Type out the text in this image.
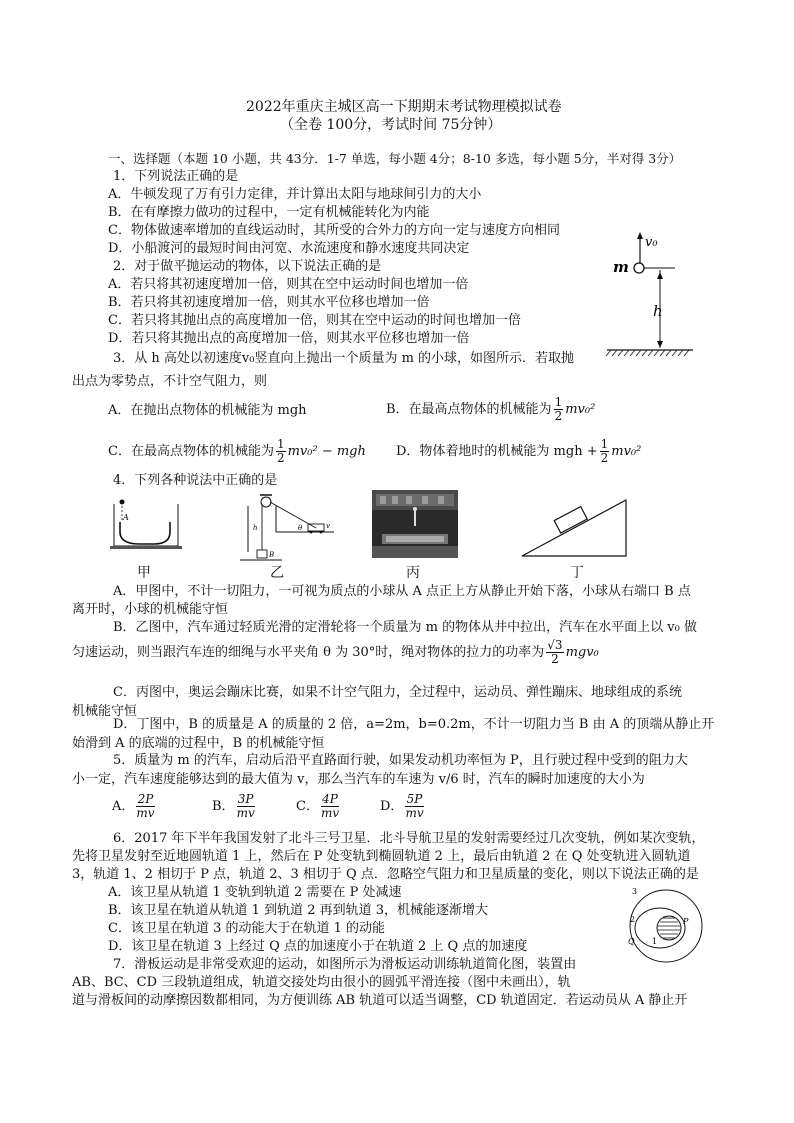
2022年重庆主城区高一下期期末考试物理模拟试卷
（全卷 100分，考试时间 75分钟）
一、选择题（本题 10 小题，共 43分．1-7 单选，每小题 4分；8-10 多选，每小题 5分，半对得 3分）
1．下列说法正确的是
A．牛顿发现了万有引力定律，并计算出太阳与地球间引力的大小
B．在有摩擦力做功的过程中，一定有机械能转化为内能
C．物体做速率增加的直线运动时，其所受的合外力的方向一定与速度方向相同
D．小船渡河的最短时间由河宽、水流速度和静水速度共同决定
2．对于做平抛运动的物体，以下说法正确的是
A．若只将其初速度增加一倍，则其在空中运动时间也增加一倍
B．若只将其初速度增加一倍，则其水平位移也增加一倍
C．若只将其抛出点的高度增加一倍，则其在空中运动的时间也增加一倍
D．若只将其抛出点的高度增加一倍，则其水平位移也增加一倍
v₀
m
h
3．从 h 高处以初速度v₀竖直向上抛出一个质量为 m 的小球，如图所示．若取抛
出点为零势点，不计空气阻力，则
A．在抛出点物体的机械能为 mgh	B．在最高点物体的机械能为 $\frac{1}{2} mv_0^2$
C．在最高点物体的机械能为 $\frac{1}{2} mv_0^2$ − mgh D．物体着地时的机械能为 mgh + $\frac{1}{2} mv_0^2$
4．下列各种说法中正确的是
A
甲
v
θ
h
B
乙	丙	丁
A．甲图中，不计一切阻力，一可视为质点的小球从 A 点正上方从静止开始下落，小球从右端口 B 点
离开时，小球的机械能守恒
B．乙图中，汽车通过轻质光滑的定滑轮将一个质量为 m 的物体从井中拉出，汽车在水平面上以 v₀ 做
匀速运动，则当跟汽车连的细绳与水平夹角 θ 为 30°时，绳对物体的拉力的功率为 $\frac{√3}{2} mgv_0$
C．丙图中，奥运会蹦床比赛，如果不计空气阻力，全过程中，运动员、弹性蹦床、地球组成的系统
机械能守恒
D．丁图中，B 的质量是 A 的质量的 2 倍，a=2m，b=0.2m，不计一切阻力当 B 由 A 的顶端从静止开
始滑到 A 的底端的过程中，B 的机械能守恒
5．质量为 m 的汽车，启动后沿平直路面行驶，如果发动机功率恒为 P，且行驶过程中受到的阻力大
小一定，汽车速度能够达到的最大值为 v，那么当汽车的车速为 v/6 时，汽车的瞬时加速度的大小为
A． $\frac{2P}{mv}$	B． $\frac{3P}{mv}$	C． $\frac{4P}{mv}$	D． $\frac{5P}{mv}$
6．2017 年下半年我国发射了北斗三号卫星．北斗导航卫星的发射需要经过几次变轨，例如某次变轨，
先将卫星发射至近地圆轨道 1 上，然后在 P 处变轨到椭圆轨道 2 上，最后由轨道 2 在 Q 处变轨进入圆轨道
3，轨道 1、2 相切于 P 点，轨道 2、3 相切于 Q 点．忽略空气阻力和卫星质量的变化，则以下说法正确的是
A．该卫星从轨道 1 变轨到轨道 2 需要在 P 处减速
B．该卫星在轨道从轨道 1 到轨道 2 再到轨道 3，机械能逐渐增大
C．该卫星在轨道 3 的动能大于在轨道 1 的动能
D．该卫星在轨道 3 上经过 Q 点的加速度小于在轨道 2 上 Q 点的加速度
3
2
1
P
Q
7．滑板运动是非常受欢迎的运动，如图所示为滑板运动训练轨道简化图，装置由
AB、BC、CD 三段轨道组成，轨道交接处均由很小的圆弧平滑连接（图中未画出），轨
道与滑板间的动摩擦因数都相同，为方便训练 AB 轨道可以适当调整，CD 轨道固定．若运动员从 A 静止开
